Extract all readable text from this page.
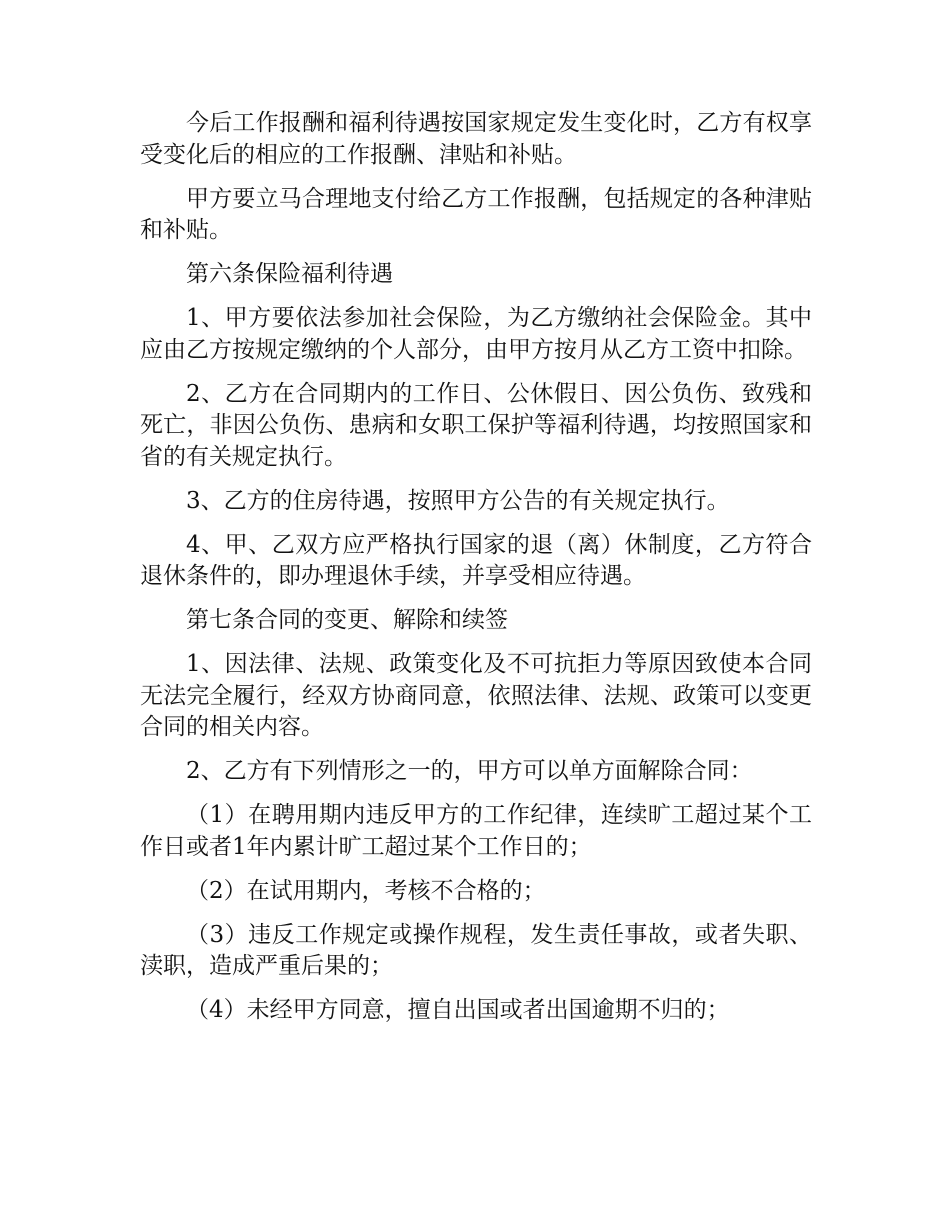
今后工作报酬和福利待遇按国家规定发生变化时，乙方有权享受变化后的相应的工作报酬、津贴和补贴。

甲方要立马合理地支付给乙方工作报酬，包括规定的各种津贴和补贴。

第六条保险福利待遇

1、甲方要依法参加社会保险，为乙方缴纳社会保险金。其中应由乙方按规定缴纳的个人部分，由甲方按月从乙方工资中扣除。

2、乙方在合同期内的工作日、公休假日、因公负伤、致残和死亡，非因公负伤、患病和女职工保护等福利待遇，均按照国家和省的有关规定执行。

3、乙方的住房待遇，按照甲方公告的有关规定执行。

4、甲、乙双方应严格执行国家的退（离）休制度，乙方符合退休条件的，即办理退休手续，并享受相应待遇。

第七条合同的变更、解除和续签

1、因法律、法规、政策变化及不可抗拒力等原因致使本合同无法完全履行，经双方协商同意，依照法律、法规、政策可以变更合同的相关内容。

2、乙方有下列情形之一的，甲方可以单方面解除合同：

（1）在聘用期内违反甲方的工作纪律，连续旷工超过某个工作日或者1年内累计旷工超过某个工作日的；

（2）在试用期内，考核不合格的；

（3）违反工作规定或操作规程，发生责任事故，或者失职、渎职，造成严重后果的；

（4）未经甲方同意，擅自出国或者出国逾期不归的；
